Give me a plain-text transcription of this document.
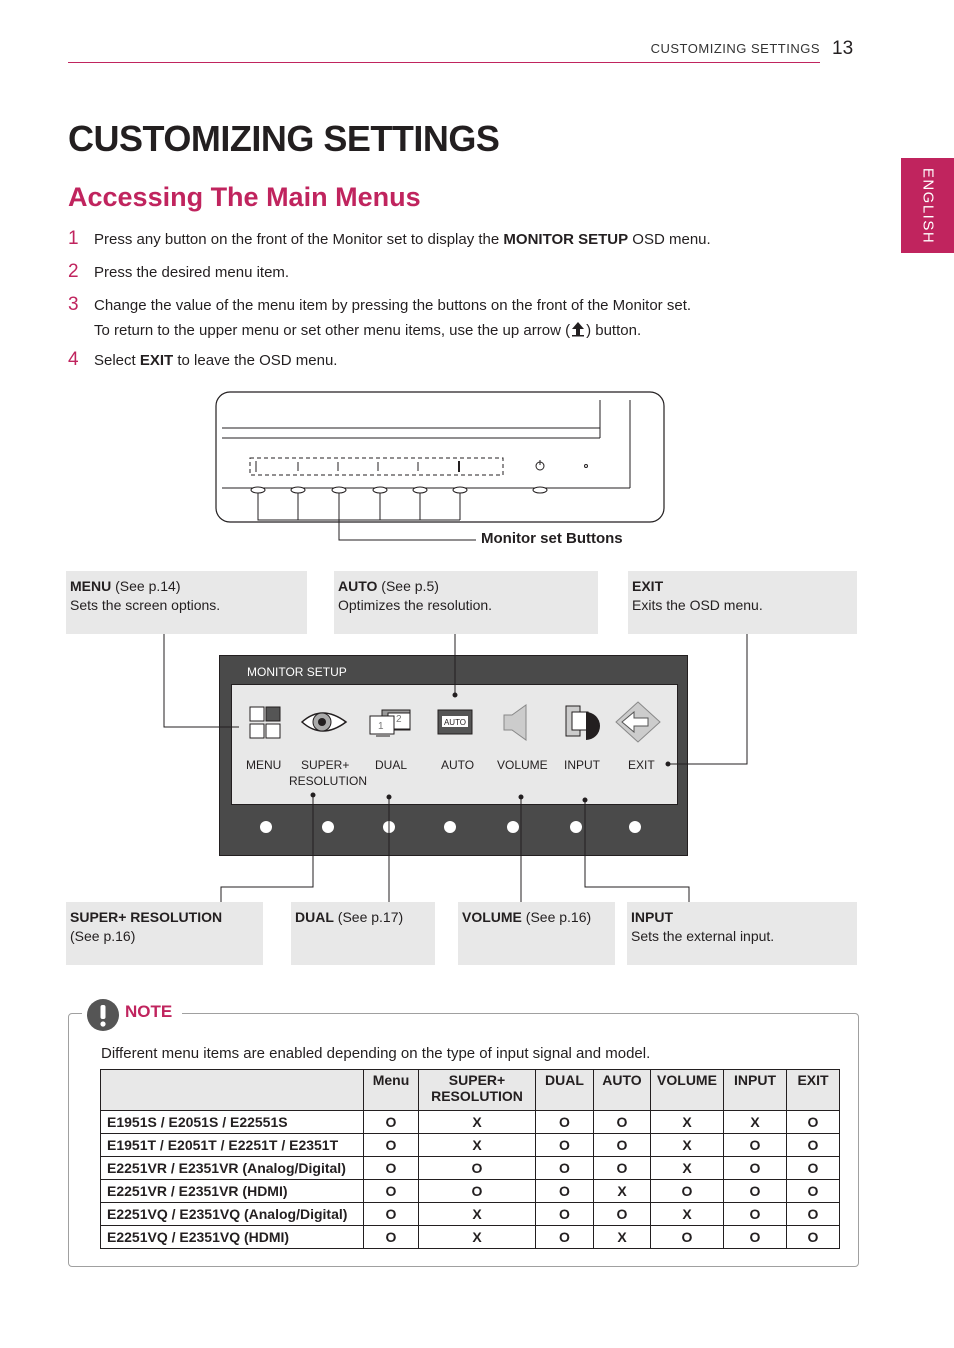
CUSTOMIZING SETTINGS 13
ENGLISH
CUSTOMIZING SETTINGS
Accessing The Main Menus
1 Press any button on the front of the Monitor set to display the MONITOR SETUP OSD menu.
2 Press the desired menu item.
3 Change the value of the menu item by pressing the buttons on the front of the Monitor set.
To return to the upper menu or set other menu items, use the up arrow ( ) button.
4 Select EXIT to leave the OSD menu.
Monitor set Buttons
MENU (See p.14)
Sets the screen options.
AUTO (See p.5)
Optimizes the resolution.
EXIT
Exits the OSD menu.
MONITOR SETUP
1
2	AUTO
MENU SUPER+
RESOLUTION
DUAL	AUTO VOLUME INPUT EXIT
SUPER+ RESOLUTION
(See p.16)
DUAL (See p.17)	VOLUME (See p.16)	INPUT
Sets the external input.
NOTE
Different menu items are enabled depending on the type of input signal and model.
	Menu	SUPER+ RESOLUTION	DUAL	AUTO	VOLUME	INPUT	EXIT
E1951S / E2051S / E22551S	O	X	O	O	X	X	O
E1951T / E2051T / E2251T / E2351T	O	X	O	O	X	O	O
E2251VR / E2351VR (Analog/Digital)	O	O	O	O	X	O	O
E2251VR / E2351VR (HDMI)	O	O	O	X	O	O	O
E2251VQ / E2351VQ (Analog/Digital)	O	X	O	O	X	O	O
E2251VQ / E2351VQ (HDMI)	O	X	O	X	O	O	O
